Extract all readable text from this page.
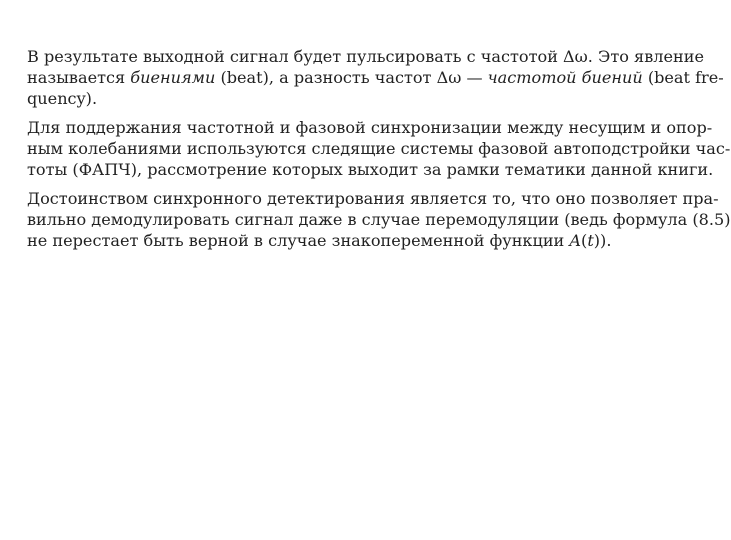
В результате выходной сигнал будет пульсировать с частотой Δω. Это явление
называется биениями (beat), а разность частот Δω — частотой биений (beat fre-
quency).

Для поддержания частотной и фазовой синхронизации между несущим и опор-
ным колебаниями используются следящие системы фазовой автоподстройки час-
тоты (ФАПЧ), рассмотрение которых выходит за рамки тематики данной книги.

Достоинством синхронного детектирования является то, что оно позволяет пра-
вильно демодулировать сигнал даже в случае перемодуляции (ведь формула (8.5)
не перестает быть верной в случае знакопеременной функции A(t)).
